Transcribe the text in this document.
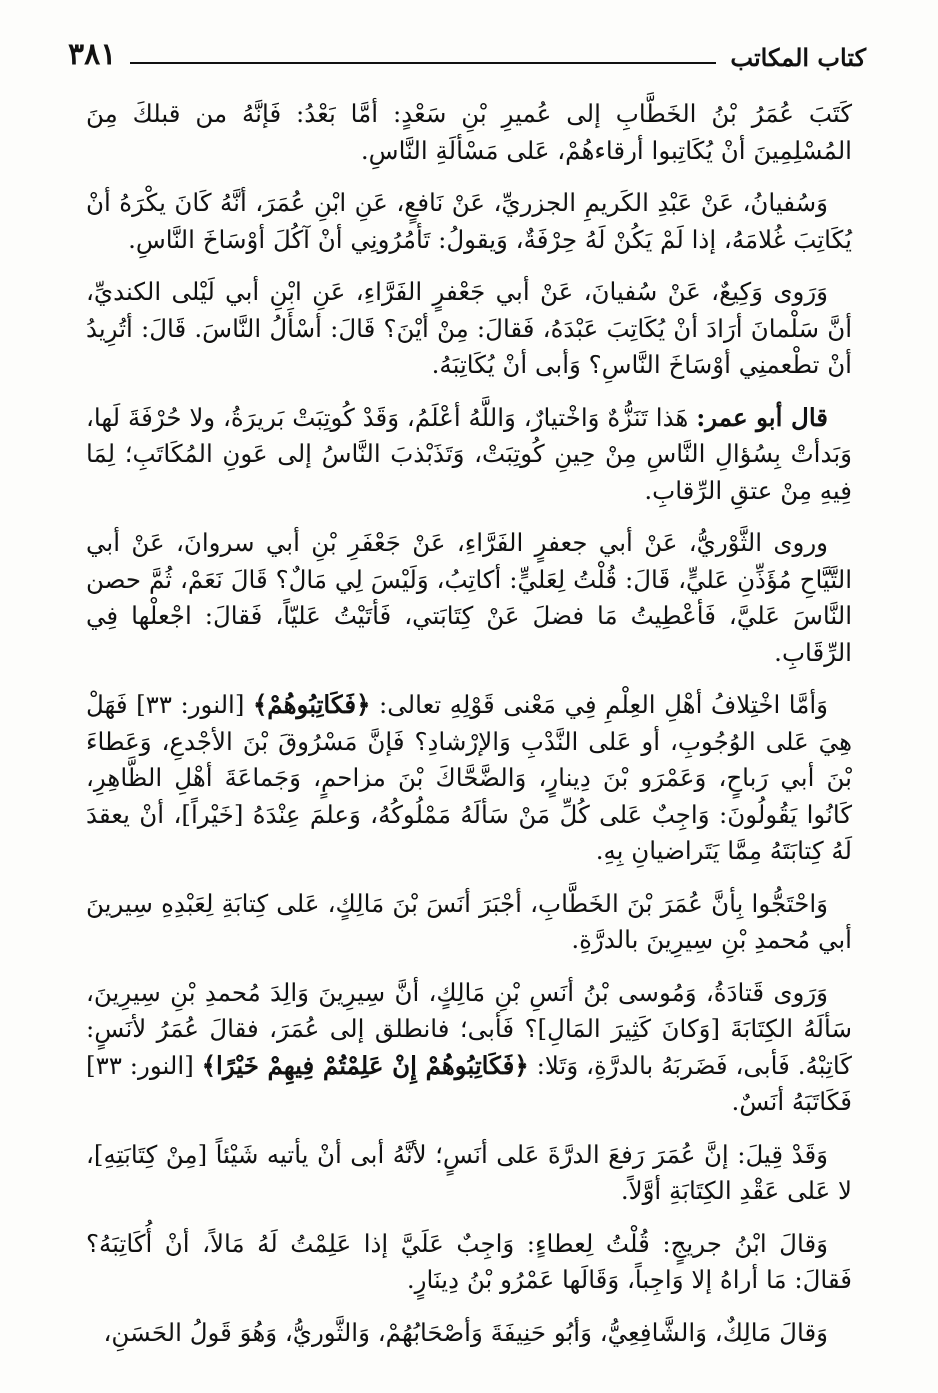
كتاب المكاتب
٣٨١

كَتَبَ عُمَرُ بْنُ الخَطَّابِ إلى عُميرِ بْنِ سَعْدٍ: أمَّا بَعْدُ: فَإنَّهُ من قبلكَ مِنَ المُسْلِمِينَ أنْ يُكَاتِبوا أرقاءهُمْ، عَلى مَسْألَةِ النَّاسِ.

وَسُفيانُ، عَنْ عَبْدِ الكَريمِ الجزريِّ، عَنْ نَافعٍ، عَنِ ابْنِ عُمَرَ، أنَّهُ كَانَ يكْرَهُ أنْ يُكَاتِبَ غُلامَهُ، إذا لَمْ يَكُنْ لَهُ حِرْفَةٌ، وَيقولُ: تَأمُرُونِي أنْ آكُلَ أوْسَاخَ النَّاسِ.

وَرَوى وَكِيعٌ، عَنْ سُفيانَ، عَنْ أبي جَعْفرٍ الفَرَّاءِ، عَنِ ابْنِ أبي لَيْلى الكنديِّ، أنَّ سَلْمانَ أرَادَ أنْ يُكَاتِبَ عَبْدَهُ، فَقالَ: مِنْ أيْنَ؟ قَالَ: أسْأَلُ النَّاسَ. قَالَ: أتُرِيدُ أنْ تطْعمنِي أوْسَاخَ النَّاسِ؟ وَأبى أنْ يُكَاتِبَهُ.

قال أبو عمر: هَذا تَنَزُّهٌ وَاخْتيارٌ، وَاللَّهُ أعْلَمُ، وَقَدْ كُوتِبَتْ بَريرَةُ، ولا حُرْفَةَ لَها، وَبَدأتْ بِسُؤالِ النَّاسِ مِنْ حِينِ كُوتِبَتْ، وَتَذَبْذبَ النَّاسُ إلى عَونِ المُكَاتَبِ؛ لِمَا فِيهِ مِنْ عتقِ الرِّقابِ.

وروى الثَّوْريُّ، عَنْ أبي جعفرٍ الفَرَّاءِ، عَنْ جَعْفَرِ بْنِ أبي سروانَ، عَنْ أبي التَّيَّاحِ مُؤَذِّنِ عَليٍّ، قَالَ: قُلْتُ لِعَليٍّ: أكاتِبُ، وَلَيْسَ لِي مَالٌ؟ قَالَ نَعَمْ، ثُمَّ حصن النَّاسَ عَليَّ، فَأعْطِيتُ مَا فضلَ عَنْ كِتَابَتي، فَأتَيْتُ عَليّاً، فَقالَ: اجْعلْها فِي الرِّقَابِ.

وَأمَّا اخْتِلافُ أهْلِ العِلْمِ فِي مَعْنى قَوْلِهِ تعالى: ﴿فَكَاتِبُوهُمْ﴾ [النور: ٣٣] فَهَلْ هِيَ عَلى الوُجُوبِ، أو عَلى النَّدْبِ وَالإرْشادِ؟ فَإنَّ مَسْرُوقَ بْنَ الأجْدعِ، وَعَطاءَ بْنَ أبي رَباحٍ، وَعَمْرَو بْنَ دِينارٍ، وَالضَّحَّاكَ بْنَ مزاحمٍ، وَجَماعَةَ أهْلِ الظَّاهِرِ، كَانُوا يَقُولُونَ: وَاجِبٌ عَلى كُلِّ مَنْ سَألَهُ مَمْلُوكُهُ، وَعلمَ عِنْدَهُ [خَيْراً]، أنْ يعقدَ لَهُ كِتابَتَهُ مِمَّا يَتَراضيانِ بِهِ.

وَاحْتَجُّوا بِأنَّ عُمَرَ بْنَ الخَطَّابِ، أجْبَرَ أنَسَ بْنَ مَالِكٍ، عَلى كِتابَةِ لِعَبْدِهِ سِيرينَ أبي مُحمدِ بْنِ سِيرِينَ بالدرَّةِ.

وَرَوى قَتادَةُ، وَمُوسى بْنُ أنَسِ بْنِ مَالِكٍ، أنَّ سِيرِينَ وَالِدَ مُحمدِ بْنِ سِيرِينَ، سَألَهُ الكِتَابَةَ [وَكانَ كَثِيرَ المَالِ]؟ فَأبى؛ فانطلق إلى عُمَرَ، فقالَ عُمَرُ لأنَسٍ: كَاتِبْهُ. فَأبى، فَضَربَهُ بالدرَّةِ، وَتَلا: ﴿فَكَاتِبُوهُمْ إِنْ عَلِمْتُمْ فِيهِمْ خَيْرًا﴾ [النور: ٣٣] فَكَاتَبَهُ أنَسٌ.

وَقَدْ قِيلَ: إنَّ عُمَرَ رَفعَ الدرَّةَ عَلى أنَسٍ؛ لأنَّهُ أبى أنْ يأتيه شَيْئاً [مِنْ كِتَابَتِهِ]، لا عَلى عَقْدِ الكِتَابَةِ أوَّلاً.

وَقالَ ابْنُ جريجٍ: قُلْتُ لِعطاءٍ: وَاجِبٌ عَلَيَّ إذا عَلِمْتُ لَهُ مَالاً، أنْ أُكَاتِبَهُ؟ فَقالَ: مَا أراهُ إلا وَاجِباً، وَقَالَها عَمْرُو بْنُ دِينَارٍ.

وَقالَ مَالِكٌ، وَالشَّافِعِيُّ، وَأبُو حَنِيفَةَ وَأصْحَابُهُمْ، وَالثَّوريُّ، وَهُوَ قَولُ الحَسَنِ،
